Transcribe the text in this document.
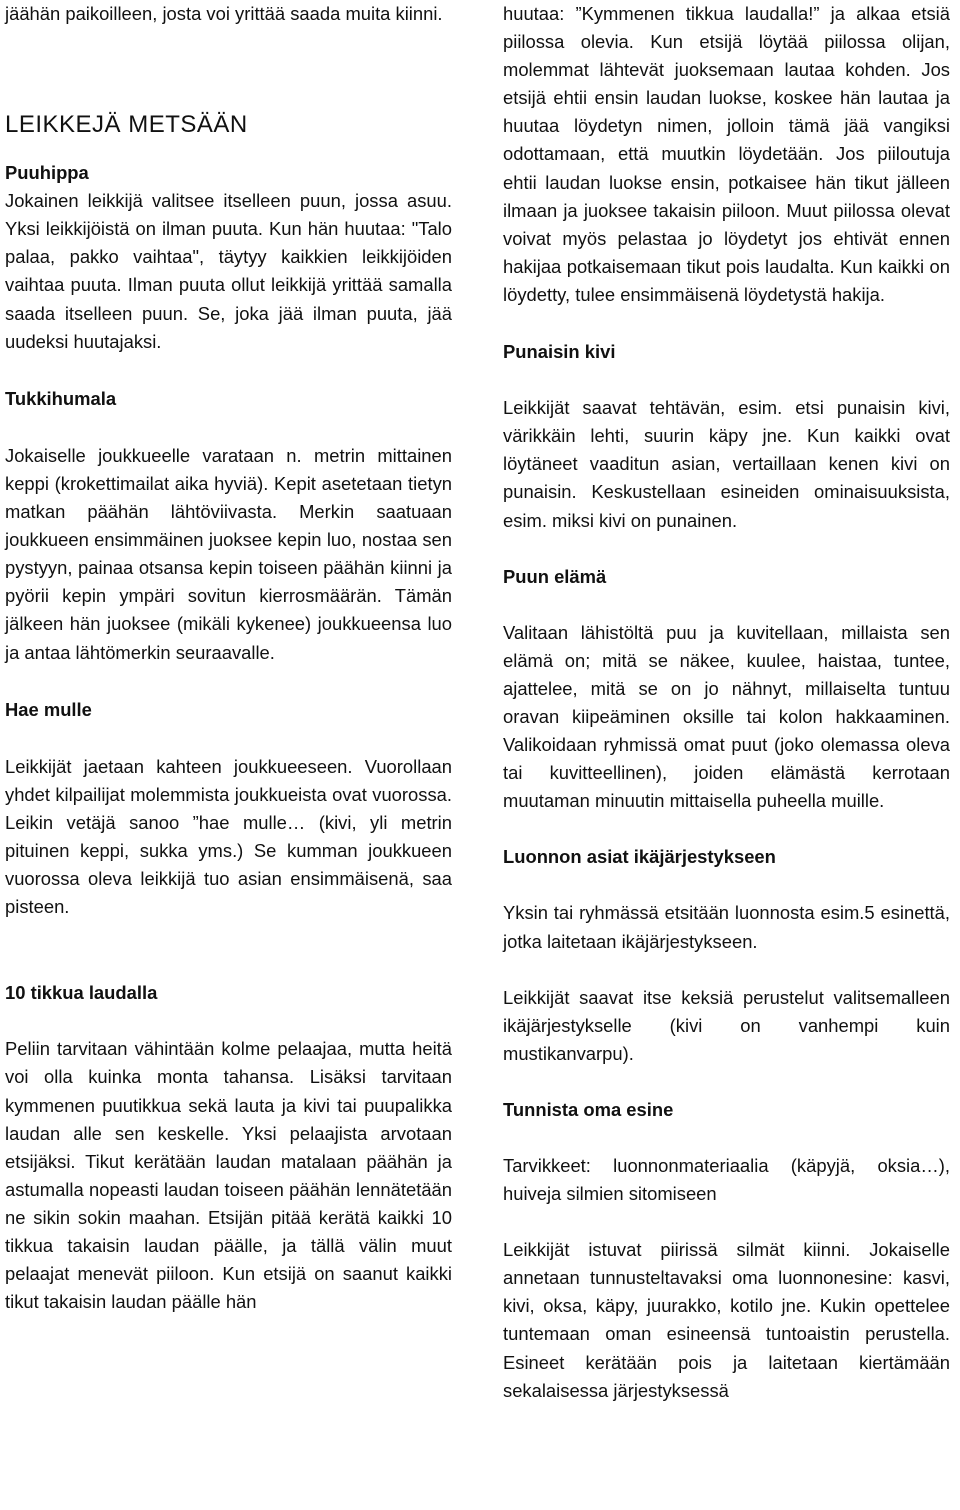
jäähän paikoilleen, josta voi yrittää saada muita kiinni.

LEIKKEJÄ METSÄÄN
Puuhippa

Jokainen leikkijä valitsee itselleen puun, jossa asuu. Yksi leikkijöistä on ilman puuta. Kun hän huutaa: "Talo palaa, pakko vaihtaa", täytyy kaikkien leikkijöiden vaihtaa puuta. Ilman puuta ollut leikkijä yrittää samalla saada itselleen puun. Se, joka jää ilman puuta, jää uudeksi huutajaksi.

Tukkihumala

Jokaiselle joukkueelle varataan n. metrin mittainen keppi (krokettimailat aika hyviä). Kepit asetetaan tietyn matkan päähän lähtöviivasta. Merkin saatuaan joukkueen ensimmäinen juoksee kepin luo, nostaa sen pystyyn, painaa otsansa kepin toiseen päähän kiinni ja pyörii kepin ympäri sovitun kierrosmäärän. Tämän jälkeen hän juoksee (mikäli kykenee) joukkueensa luo ja antaa lähtömerkin seuraavalle.

Hae mulle

Leikkijät jaetaan kahteen joukkueeseen. Vuorollaan yhdet kilpailijat molemmista joukkueista ovat vuorossa. Leikin vetäjä sanoo ”hae mulle… (kivi, yli metrin pituinen keppi, sukka yms.) Se kumman joukkueen vuorossa oleva leikkijä tuo asian ensimmäisenä, saa pisteen.

10 tikkua laudalla

Peliin tarvitaan vähintään kolme pelaajaa, mutta heitä voi olla kuinka monta tahansa. Lisäksi tarvitaan kymmenen puutikkua sekä lauta ja kivi tai puupalikka laudan alle sen keskelle. Yksi pelaajista arvotaan etsijäksi. Tikut kerätään laudan matalaan päähän ja astumalla nopeasti laudan toiseen päähän lennätetään ne sikin sokin maahan. Etsijän pitää kerätä kaikki 10 tikkua takaisin laudan päälle, ja tällä välin muut pelaajat menevät piiloon. Kun etsijä on saanut kaikki tikut takaisin laudan päälle hän

huutaa: ”Kymmenen tikkua laudalla!” ja alkaa etsiä piilossa olevia. Kun etsijä löytää piilossa olijan, molemmat lähtevät juoksemaan lautaa kohden. Jos etsijä ehtii ensin laudan luokse, koskee hän lautaa ja huutaa löydetyn nimen, jolloin tämä jää vangiksi odottamaan, että muutkin löydetään. Jos piiloutuja ehtii laudan luokse ensin, potkaisee hän tikut jälleen ilmaan ja juoksee takaisin piiloon. Muut piilossa olevat voivat myös pelastaa jo löydetyt jos ehtivät ennen hakijaa potkaisemaan tikut pois laudalta. Kun kaikki on löydetty, tulee ensimmäisenä löydetystä hakija.

Punaisin kivi

Leikkijät saavat tehtävän, esim. etsi punaisin kivi, värikkäin lehti, suurin käpy jne. Kun kaikki ovat löytäneet vaaditun asian, vertaillaan kenen kivi on punaisin. Keskustellaan esineiden ominaisuuksista, esim. miksi kivi on punainen.

Puun elämä

Valitaan lähistöltä puu ja kuvitellaan, millaista sen elämä on; mitä se näkee, kuulee, haistaa, tuntee, ajattelee, mitä se on jo nähnyt, millaiselta tuntuu oravan kiipeäminen oksille tai kolon hakkaaminen. Valikoidaan ryhmissä omat puut (joko olemassa oleva tai kuvitteellinen), joiden elämästä kerrotaan muutaman minuutin mittaisella puheella muille.

Luonnon asiat ikäjärjestykseen

Yksin tai ryhmässä etsitään luonnosta esim.5 esinettä, jotka laitetaan ikäjärjestykseen.

Leikkijät saavat itse keksiä perustelut valitsemalleen ikäjärjestykselle (kivi on vanhempi kuin mustikanvarpu).

Tunnista oma esine

Tarvikkeet: luonnonmateriaalia (käpyjä, oksia…), huiveja silmien sitomiseen

Leikkijät istuvat piirissä silmät kiinni. Jokaiselle annetaan tunnusteltavaksi oma luonnonesine: kasvi, kivi, oksa, käpy, juurakko, kotilo jne. Kukin opettelee tuntemaan oman esineensä tuntoaistin perustella. Esineet kerätään pois ja laitetaan kiertämään sekalaisessa järjestyksessä
